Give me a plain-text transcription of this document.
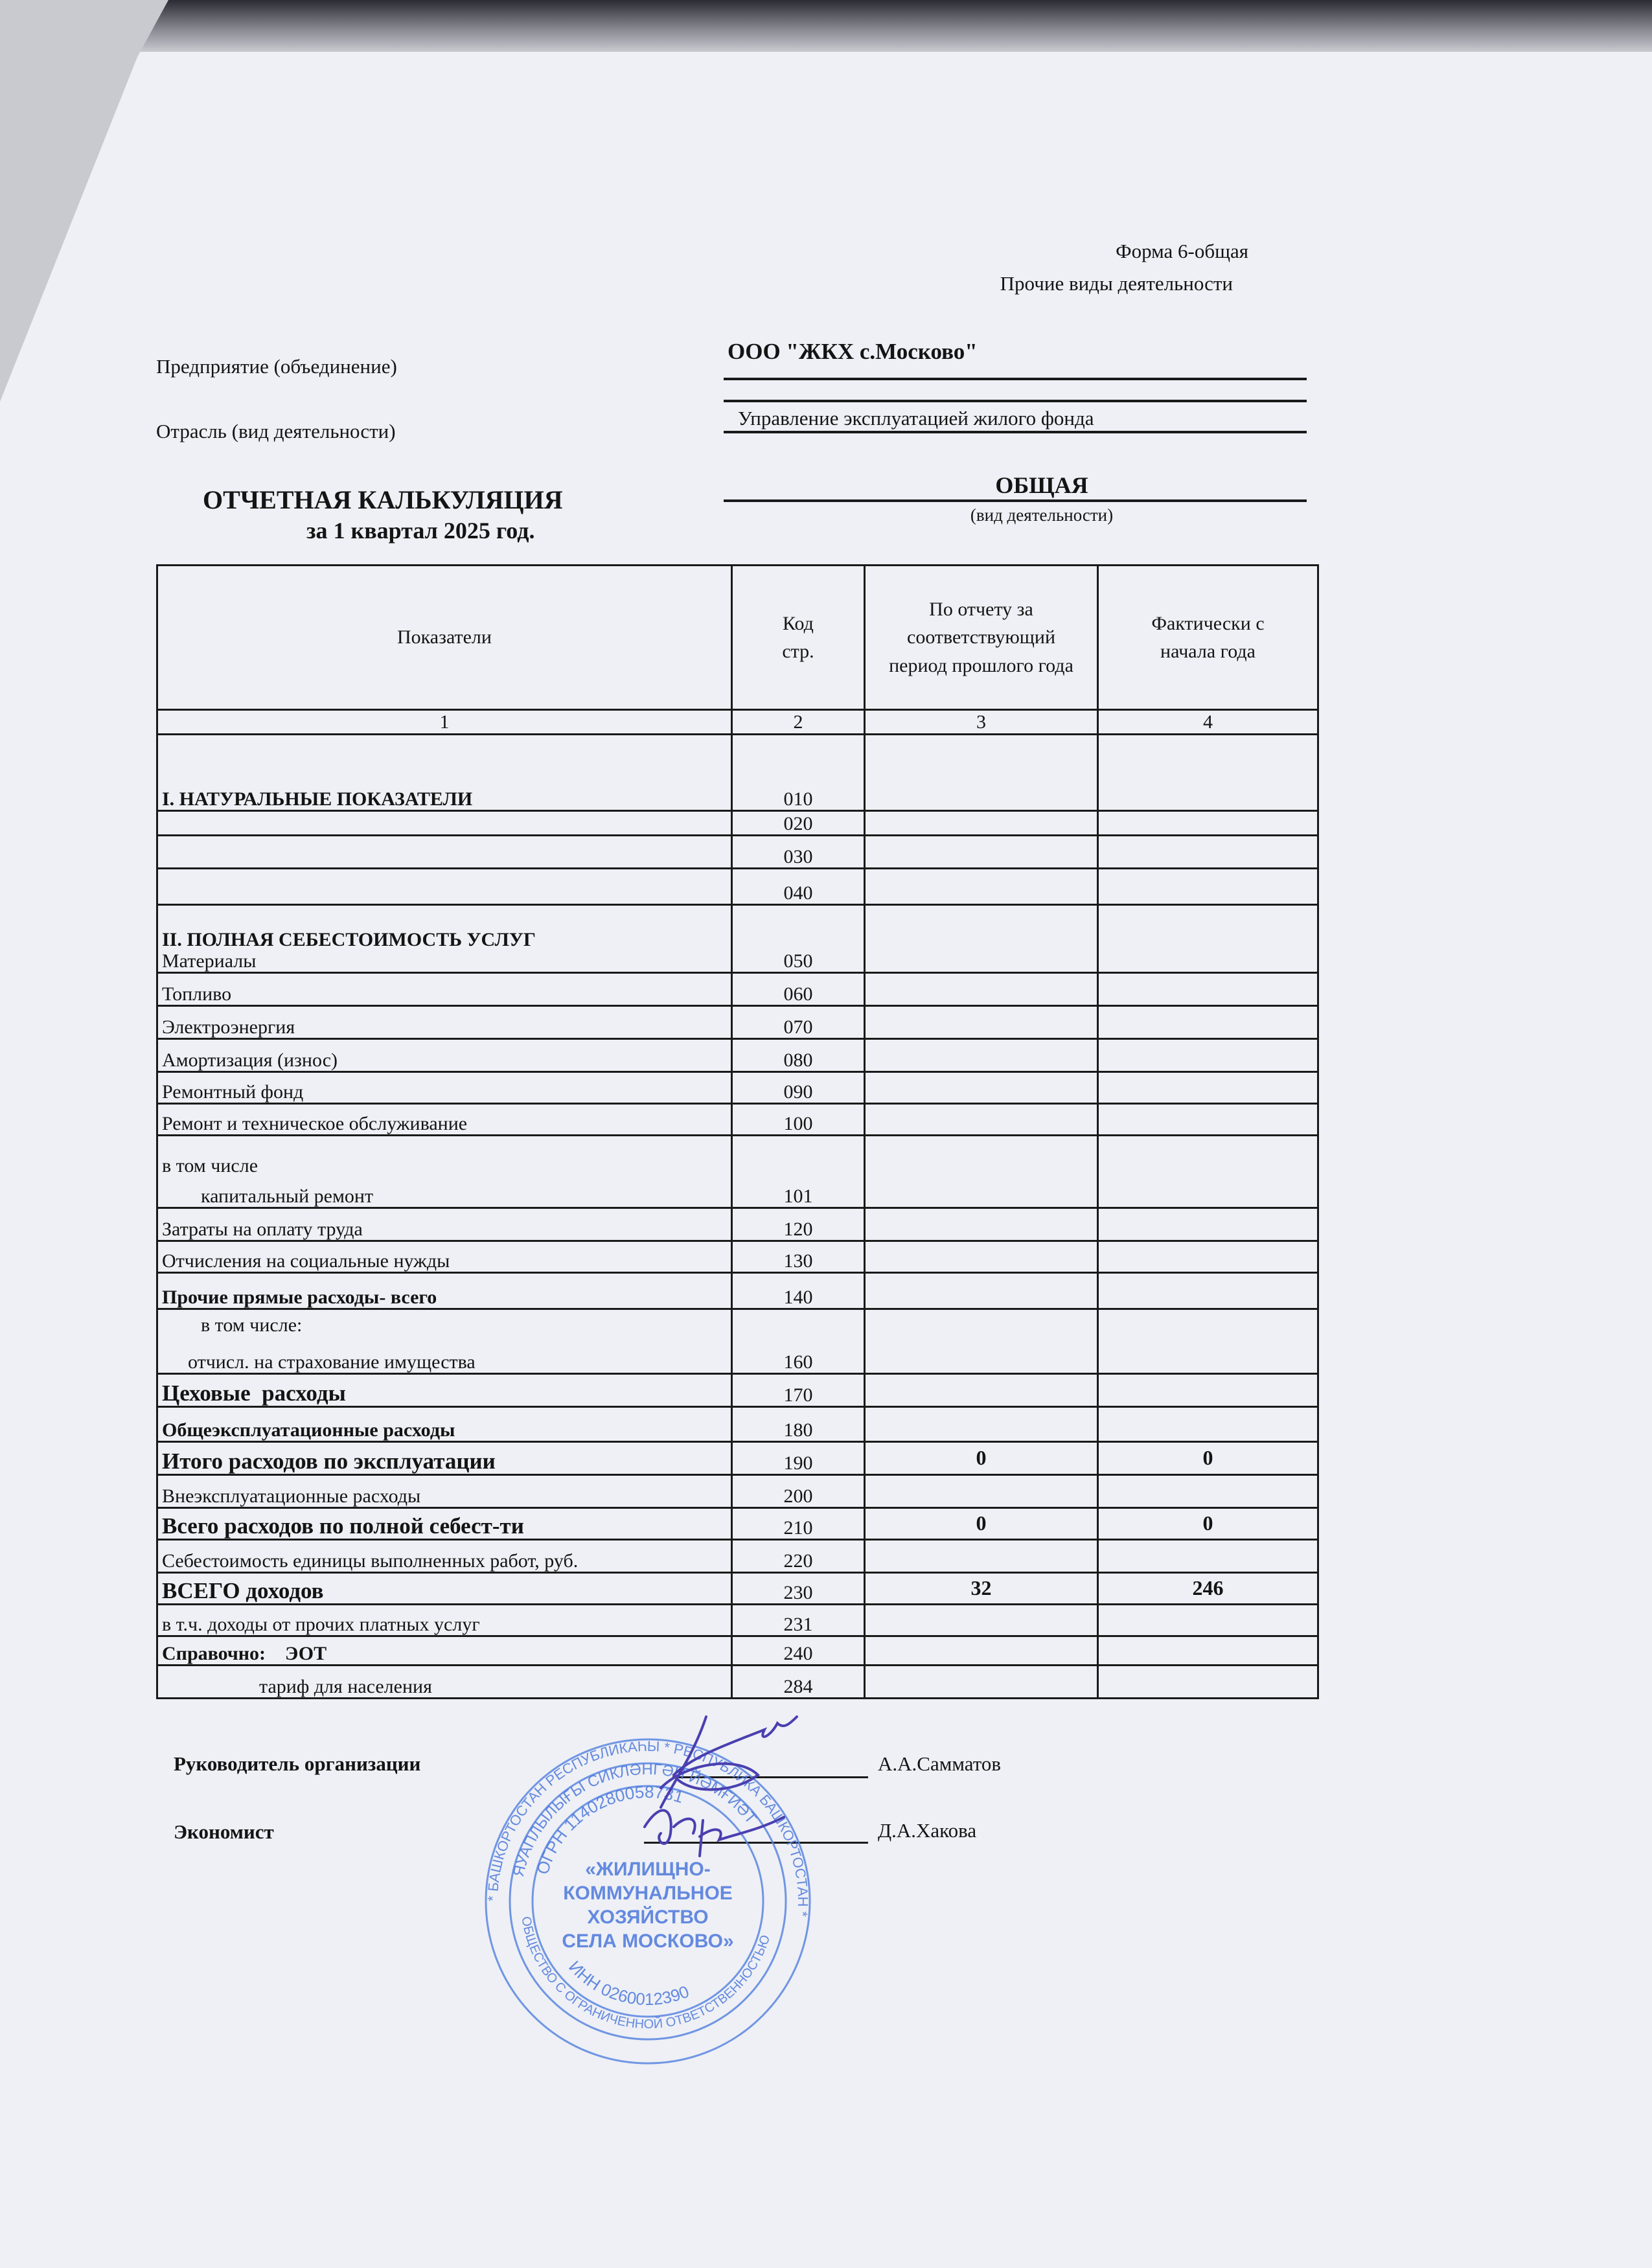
Форма 6-общая
Прочие виды деятельности
Предприятие (объединение)
ООО "ЖКХ с.Москово"
Управление эксплуатацией жилого фонда
Отрасль (вид деятельности)
ОТЧЕТНАЯ КАЛЬКУЛЯЦИЯ
за 1 квартал 2025 год.
ОБЩАЯ
(вид деятельности)
Показатели	Код стр.	По отчету за соответствующий период прошлого года	Фактически с начала года
1	2	3	4

I. НАТУРАЛЬНЫЕ ПОКАЗАТЕЛИ	010		

	020		

	030		

	040		

II. ПОЛНАЯ СЕБЕСТОИМОСТЬ УСЛУГ
Материалы	050		

Топливо	060		

Электроэнергия	070		

Амортизация (износ)	080		

Ремонтный фонд	090		

Ремонт и техническое обслуживание	100		

в том числе
капитальный ремонт	101		

Затраты на оплату труда	120		

Отчисления на социальные нужды	130		

Прочие прямые расходы- всего	140		

в том числе:
отчисл. на страхование имущества	160		

Цеховые  расходы	170		

Общеэксплуатационные расходы	180		

Итого расходов по эксплуатации	190	0	0

Внеэксплуатационные расходы	200		

Всего расходов по полной себест-ти	210	0	0

Себестоимость единицы выполненных работ, руб.	220		

ВСЕГО доходов	230	32	246

в т.ч. доходы от прочих платных услуг	231		

Справочно:    ЭОТ	240		

тариф для населения	284		
Руководитель организации	А.А.Самматов
Экономист	Д.А.Хакова
* БАШКОРТОСТАН РЕСПУБЛИКАҺЫ * РЕСПУБЛИКА БАШКОРТОСТАН *
ЯУАПЛЫЛЫҒЫ СИКЛӘНГӘН ЙӘМҒИӘТ
ОБЩЕСТВО С ОГРАНИЧЕННОЙ ОТВЕТСТВЕННОСТЬЮ
ОГРН 1140280058731
ИНН 0260012390
«ЖИЛИЩНО-
КОММУНАЛЬНОЕ
ХОЗЯЙСТВО
СЕЛА МОСКОВО»
